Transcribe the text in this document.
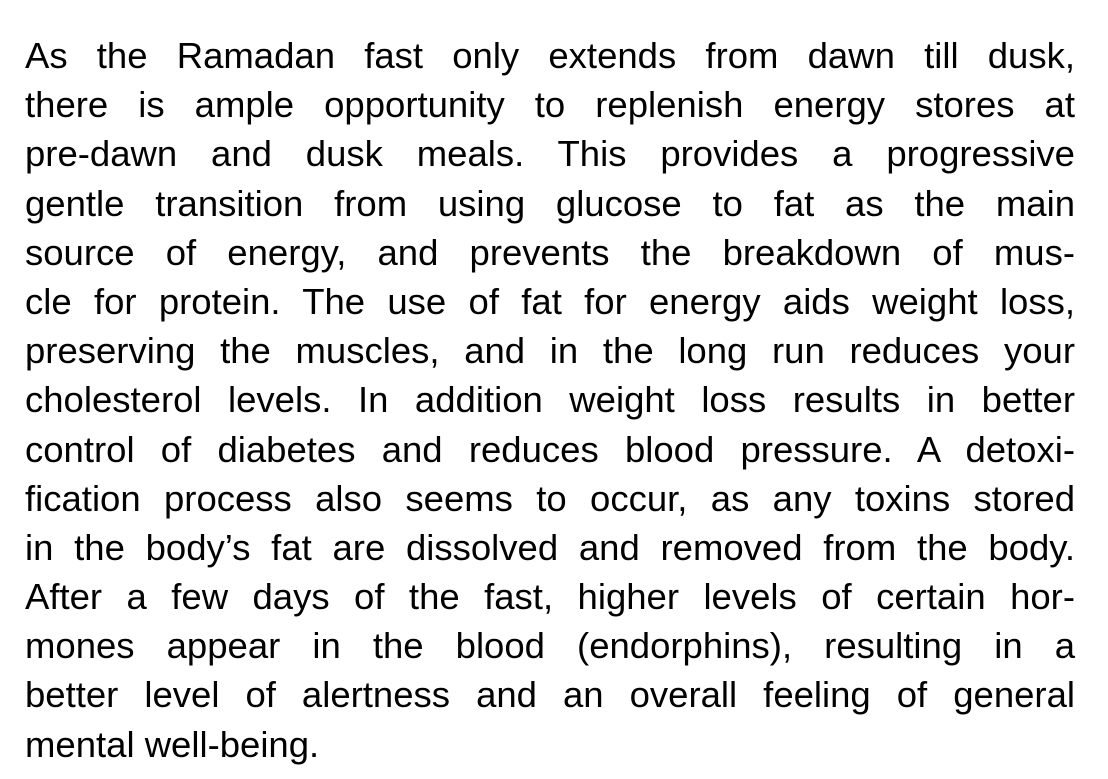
As the Ramadan fast only extends from dawn till dusk,
there is ample opportunity to replenish energy stores at
pre-dawn and dusk meals. This provides a progressive
gentle transition from using glucose to fat as the main
source of energy, and prevents the breakdown of mus-
cle for protein. The use of fat for energy aids weight loss,
preserving the muscles, and in the long run reduces your
cholesterol levels. In addition weight loss results in better
control of diabetes and reduces blood pressure. A detoxi-
fication process also seems to occur, as any toxins stored
in the body’s fat are dissolved and removed from the body.
After a few days of the fast, higher levels of certain hor-
mones appear in the blood (endorphins), resulting in a
better level of alertness and an overall feeling of general
mental well-being.
